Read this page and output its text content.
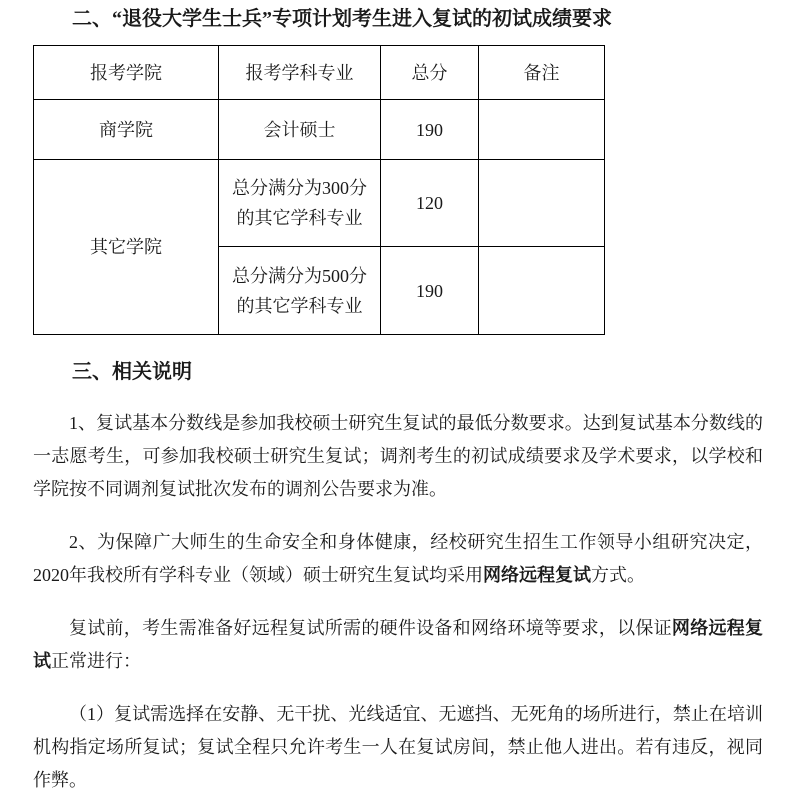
二、“退役大学生士兵”专项计划考生进入复试的初试成绩要求
报考学院	报考学科专业	总分	备注
商学院	会计硕士	190	
其它学院	总分满分为300分的其它学科专业	120	
	总分满分为500分的其它学科专业	190	
三、相关说明

1、复试基本分数线是参加我校硕士研究生复试的最低分数要求。达到复试基本分数线的一志愿考生，可参加我校硕士研究生复试；调剂考生的初试成绩要求及学术要求，以学校和学院按不同调剂复试批次发布的调剂公告要求为准。

2、为保障广大师生的生命安全和身体健康，经校研究生招生工作领导小组研究决定，2020年我校所有学科专业（领域）硕士研究生复试均采用网络远程复试方式。

复试前，考生需准备好远程复试所需的硬件设备和网络环境等要求，以保证网络远程复试正常进行：

（1）复试需选择在安静、无干扰、光线适宜、无遮挡、无死角的场所进行，禁止在培训机构指定场所复试；复试全程只允许考生一人在复试房间，禁止他人进出。若有违反，视同作弊。
